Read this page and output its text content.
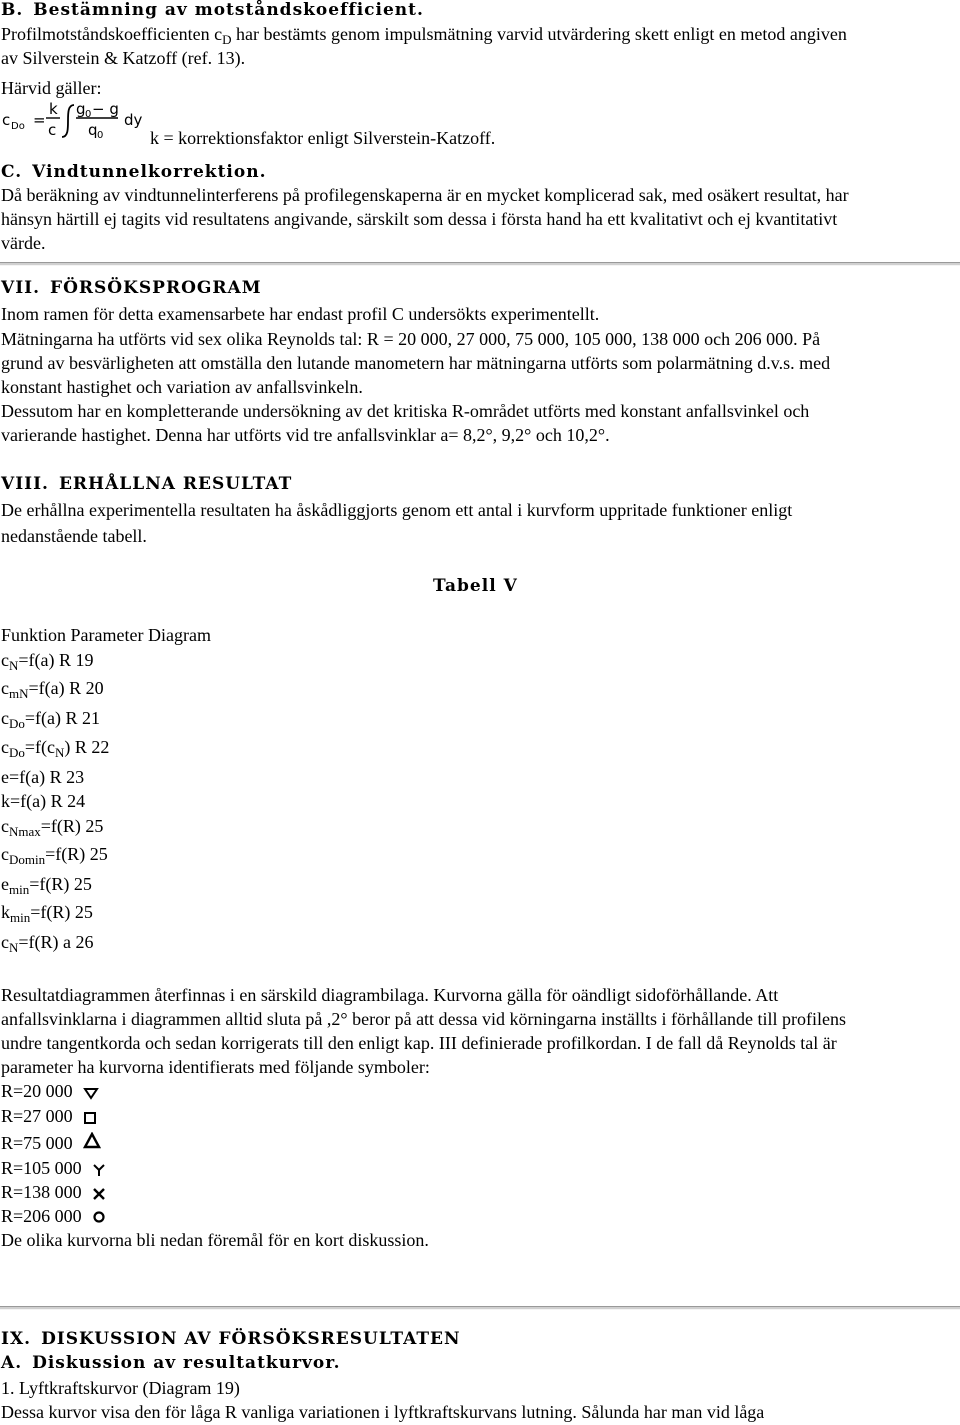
B. Bestämning av motståndskoefficient.
Profilmotståndskoefficienten $c_D$ har bestämts genom impulsmätning varvid utvärdering skett enligt en metod angiven
av Silverstein & Katzoff (ref. 13).
Härvid gäller:
c Do =
k
c
g 0 − g
q 0
dy
k = korrektionsfaktor enligt Silverstein-Katzoff.
C. Vindtunnelkorrektion.
Då beräkning av vindtunnelinterferens på profilegenskaperna är en mycket komplicerad sak, med osäkert resultat, har
hänsyn härtill ej tagits vid resultatens angivande, särskilt som dessa i första hand ha ett kvalitativt och ej kvantitativt
värde.
VII. FÖRSÖKSPROGRAM
Inom ramen för detta examensarbete har endast profil C undersökts experimentellt.
Mätningarna ha utförts vid sex olika Reynolds tal: R = 20 000, 27 000, 75 000, 105 000, 138 000 och 206 000. På
grund av besvärligheten att omställa den lutande manometern har mätningarna utförts som polarmätning d.v.s. med
konstant hastighet och variation av anfallsvinkeln.
Dessutom har en kompletterande undersökning av det kritiska R-området utförts med konstant anfallsvinkel och
varierande hastighet. Denna har utförts vid tre anfallsvinklar a= 8,2°, 9,2° och 10,2°.
VIII. ERHÅLLNA RESULTAT
De erhållna experimentella resultaten ha åskådliggjorts genom ett antal i kurvform uppritade funktioner enligt
nedanstående tabell.
Tabell V
Funktion Parameter Diagram
$c_N=f(a)$ R 19
$c_{mN}=f(a)$ R 20
$c_{Do}=f(a)$ R 21
$c_{Do}=f(c_N)$ R 22
e=f(a) R 23
k=f(a) R 24
$c_{Nmax}=f(R)$ 25
$c_{Domin}=f(R)$ 25
$e_{min}=f(R)$ 25
$k_{min}=f(R)$ 25
$c_N=f(R)$ a 26
Resultatdiagrammen återfinnas i en särskild diagrambilaga. Kurvorna gälla för oändligt sidoförhållande. Att
anfallsvinklarna i diagrammen alltid sluta på ,2° beror på att dessa vid körningarna inställts i förhållande till profilens
undre tangentkorda och sedan korrigerats till den enligt kap. III definierade profilkordan. I de fall då Reynolds tal är
parameter ha kurvorna identifierats med följande symboler:
R=20 000
R=27 000
R=75 000
R=105 000
R=138 000
R=206 000
De olika kurvorna bli nedan föremål för en kort diskussion.
IX. DISKUSSION AV FÖRSÖKSRESULTATEN
A. Diskussion av resultatkurvor.
1. Lyftkraftskurvor (Diagram 19)
Dessa kurvor visa den för låga R vanliga variationen i lyftkraftskurvans lutning. Sålunda har man vid låga
